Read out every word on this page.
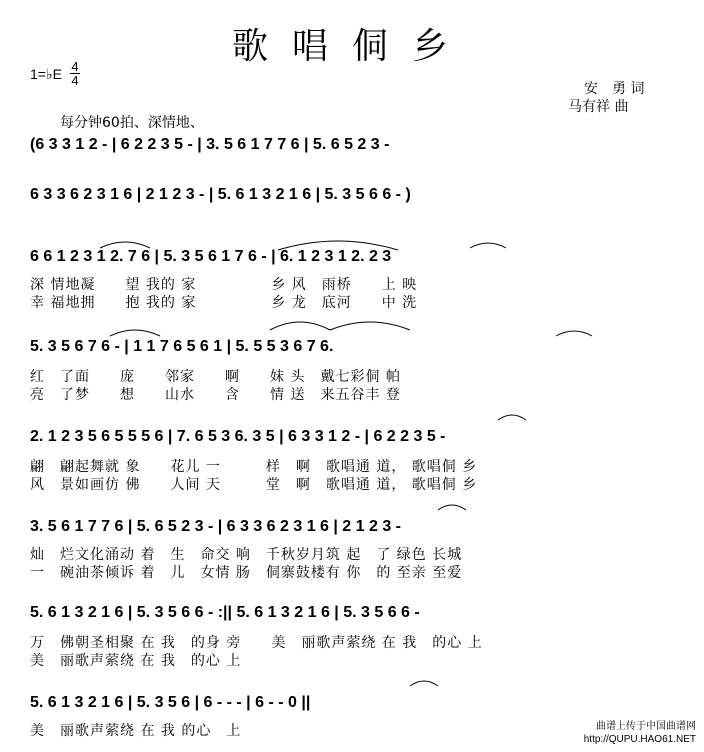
歌唱侗乡
1=♭E 4
4
安　勇 词
马有祥 曲
每分钟60拍、深情地、
(6 3 3 1 2 - | 6 2 2 3 5 - | 3. 5 6 1 7 7 6 | 5. 6 5 2 3 -
6 3 3 6 2 3 1 6 | 2 1 2 3 - | 5. 6 1 3 2 1 6 | 5. 3 5 6 6 - )
6 6 1 2 3 1 2. 7 6 | 5. 3 5 6 1 7 6 - | 6. 1 2 3 1 2. 2 3
深 情地凝　　望 我的 家　　　　　乡 风　雨桥　　上 映
幸 福地拥　　抱 我的 家　　　　　乡 龙　底河　　中 洗
5. 3 5 6 7 6 - | 1 1 7 6 5 6 1 | 5. 5 5 3 6 7 6.
红　了面　　庞　　邻家　　啊　　妹 头　戴七彩侗 帕
亮　了梦　　想　　山水　　含　　情 送　来五谷丰 登
2. 1 2 3 5 6 5 5 5 6 | 7. 6 5 3 6. 3 5 | 6 3 3 1 2 - | 6 2 2 3 5 -
翩　翩起舞就 象　　花儿 一　　　样　啊　歌唱通 道， 歌唱侗 乡
风　景如画仿 佛　　人间 天　　　堂　啊　歌唱通 道， 歌唱侗 乡
3. 5 6 1 7 7 6 | 5. 6 5 2 3 - | 6 3 3 6 2 3 1 6 | 2 1 2 3 -
灿　烂文化涌动 着　生　命交 响　千秋岁月筑 起　了 绿色 长城
一　碗油茶倾诉 着　儿　女情 肠　侗寨鼓楼有 你　的 至亲 至爱
5. 6 1 3 2 1 6 | 5. 3 5 6 6 - :|| 5. 6 1 3 2 1 6 | 5. 3 5 6 6 -
万　佛朝圣相聚 在 我　的身 旁　　美　丽歌声萦绕 在 我　的心 上
美　丽歌声萦绕 在 我　的心 上
5. 6 1 3 2 1 6 | 5. 3 5 6 | 6 - - - | 6 - - 0 ||
美　丽歌声萦绕 在 我 的心　上	曲谱上传于中国曲谱网
http://QUPU.HAO61.NET
